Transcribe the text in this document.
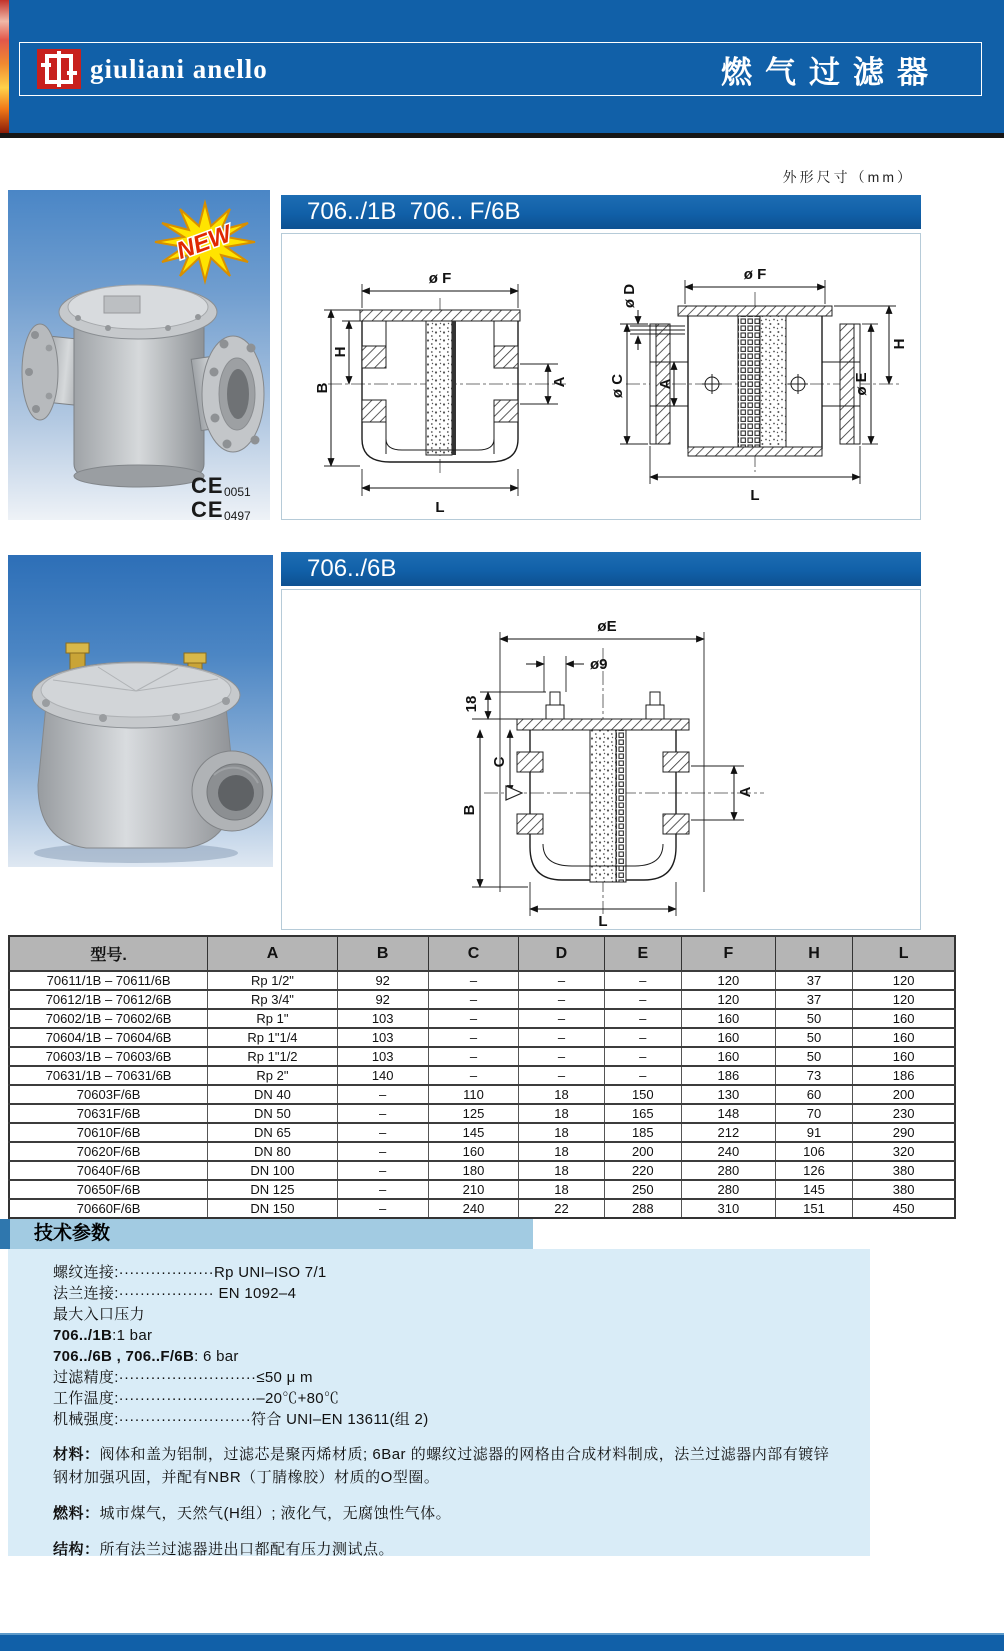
giuliani anello	燃气过滤器
外形尺寸（mm）
NEW
CE 0051
CE 0497
706../1B  706.. F/6B
ø F
B
H
A
L
ø F
ø D
ø C A
H
ø E
L
706../6B
øE
ø9
18
C
B
A
L
型号.	A	B	C	D	E	F	H	L
70611/1B – 70611/6B	Rp 1/2"	92	–	–	–	120	37	120
70612/1B – 70612/6B	Rp 3/4"	92	–	–	–	120	37	120
70602/1B – 70602/6B	Rp 1"	103	–	–	–	160	50	160
70604/1B – 70604/6B	Rp 1"1/4	103	–	–	–	160	50	160
70603/1B – 70603/6B	Rp 1"1/2	103	–	–	–	160	50	160
70631/1B – 70631/6B	Rp 2"	140	–	–	–	186	73	186
70603F/6B	DN 40	–	110	18	150	130	60	200
70631F/6B	DN 50	–	125	18	165	148	70	230
70610F/6B	DN 65	–	145	18	185	212	91	290
70620F/6B	DN 80	–	160	18	200	240	106	320
70640F/6B	DN 100	–	180	18	220	280	126	380
70650F/6B	DN 125	–	210	18	250	280	145	380
70660F/6B	DN 150	–	240	22	288	310	151	450
技术参数
螺纹连接:··················Rp UNI–ISO 7/1
法兰连接:·················· EN 1092–4
最大入口压力
706../1B:1 bar
706../6B , 706..F/6B: 6 bar
过滤精度:··························≤50 μ m
工作温度:··························–20℃+80℃
机械强度:·························符合 UNI–EN 13611(组 2)
材料：阀体和盖为铝制，过滤芯是聚丙烯材质; 6Bar 的螺纹过滤器的网格由合成材料制成，法兰过滤器内部有镀锌钢材加强巩固，并配有NBR（丁腈橡胶）材质的O型圈。
燃料：城市煤气，天然气(H组）; 液化气，无腐蚀性气体。
结构：所有法兰过滤器进出口都配有压力测试点。
